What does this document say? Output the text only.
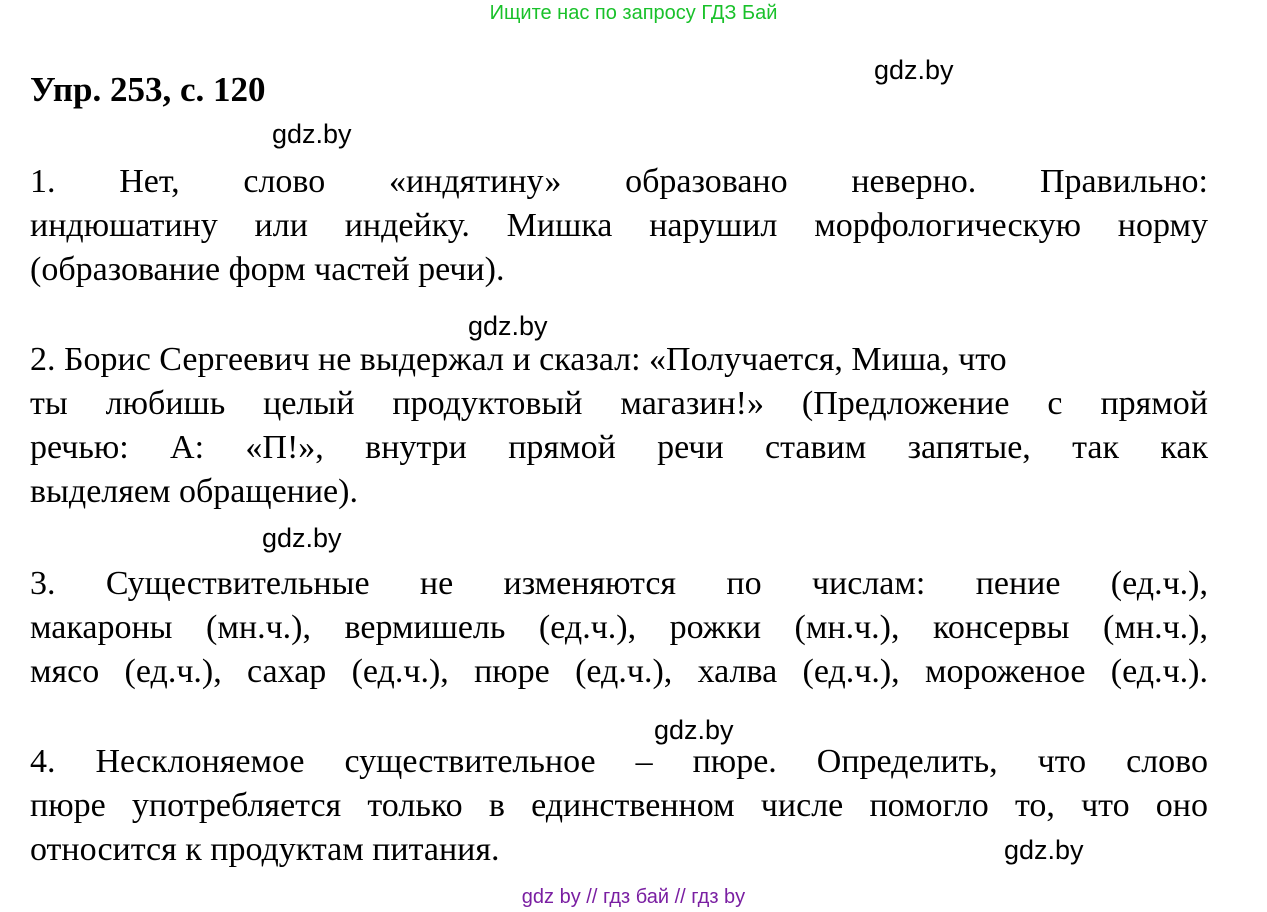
Ищите нас по запросу ГДЗ Бай
Упр. 253, с. 120	gdz.by
gdz.by
gdz.by
gdz.by
gdz.by
gdz.by
1. Нет, слово «индятину» образовано неверно. Правильно:
индюшатину или индейку. Мишка нарушил морфологическую норму
(образование форм частей речи).
2. Борис Сергеевич не выдержал и сказал: «Получается, Миша, что
ты любишь целый продуктовый магазин!» (Предложение с прямой
речью: А: «П!», внутри прямой речи ставим запятые, так как
выделяем обращение).
3. Существительные не изменяются по числам: пение (ед.ч.),
макароны (мн.ч.), вермишель (ед.ч.), рожки (мн.ч.), консервы (мн.ч.),
мясо (ед.ч.), сахар (ед.ч.), пюре (ед.ч.), халва (ед.ч.), мороженое (ед.ч.).
4. Несклоняемое существительное – пюре. Определить, что слово
пюре употребляется только в единственном числе помогло то, что оно
относится к продуктам питания.
gdz by // гдз бай // гдз by
